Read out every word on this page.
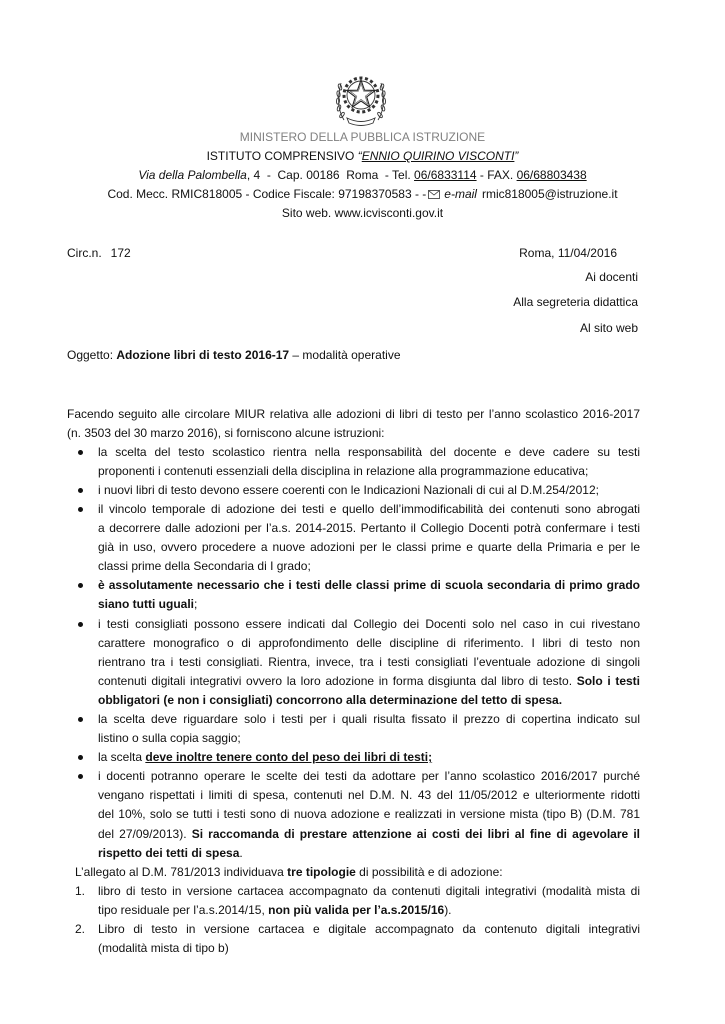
MINISTERO DELLA PUBBLICA ISTRUZIONE
ISTITUTO COMPRENSIVO “ENNIO QUIRINO VISCONTI”
Via della Palombella, 4  -  Cap. 00186  Roma  - Tel. 06/6833114 - FAX. 06/68803438
Cod. Mecc. RMIC818005 - Codice Fiscale: 97198370583 - - e-mail rmic818005@istruzione.it
Sito web. www.icvisconti.gov.it
Circ.n. 172	Roma, 11/04/2016
Ai docenti
Alla segreteria didattica
Al sito web
Oggetto: Adozione libri di testo 2016-17 – modalità operative
Facendo seguito alle circolare MIUR relativa alle adozioni di libri di testo per l’anno scolastico 2016-2017
(n. 3503 del 30 marzo 2016), si forniscono alcune istruzioni:
la scelta del testo scolastico rientra nella responsabilità del docente e deve cadere su testi
proponenti i contenuti essenziali della disciplina in relazione alla programmazione educativa;
i nuovi libri di testo devono essere coerenti con le Indicazioni Nazionali di cui al D.M.254/2012;
il vincolo temporale di adozione dei testi e quello dell’immodificabilità dei contenuti sono abrogati
a decorrere dalle adozioni per l’a.s. 2014-2015. Pertanto il Collegio Docenti potrà confermare i testi
già in uso, ovvero procedere a nuove adozioni per le classi prime e quarte della Primaria e per le
classi prime della Secondaria di I grado;
è assolutamente necessario che i testi delle classi prime di scuola secondaria di primo grado
siano tutti uguali;
i testi consigliati possono essere indicati dal Collegio dei Docenti solo nel caso in cui rivestano
carattere monografico o di approfondimento delle discipline di riferimento. I libri di testo non
rientrano tra i testi consigliati. Rientra, invece, tra i testi consigliati l’eventuale adozione di singoli
contenuti digitali integrativi ovvero la loro adozione in forma disgiunta dal libro di testo. Solo i testi
obbligatori (e non i consigliati) concorrono alla determinazione del tetto di spesa.
la scelta deve riguardare solo i testi per i quali risulta fissato il prezzo di copertina indicato sul
listino o sulla copia saggio;
la scelta deve inoltre tenere conto del peso dei libri di testi;
i docenti potranno operare le scelte dei testi da adottare per l’anno scolastico 2016/2017 purché
vengano rispettati i limiti di spesa, contenuti nel D.M. N. 43 del 11/05/2012 e ulteriormente ridotti
del 10%, solo se tutti i testi sono di nuova adozione e realizzati in versione mista (tipo B) (D.M. 781
del 27/09/2013). Si raccomanda di prestare attenzione ai costi dei libri al fine di agevolare il
rispetto dei tetti di spesa.
L’allegato al D.M. 781/2013 individuava tre tipologie di possibilità e di adozione:
1. libro di testo in versione cartacea accompagnato da contenuti digitali integrativi (modalità mista di
tipo residuale per l’a.s.2014/15, non più valida per l’a.s.2015/16).
2. Libro di testo in versione cartacea e digitale accompagnato da contenuto digitali integrativi
(modalità mista di tipo b)
